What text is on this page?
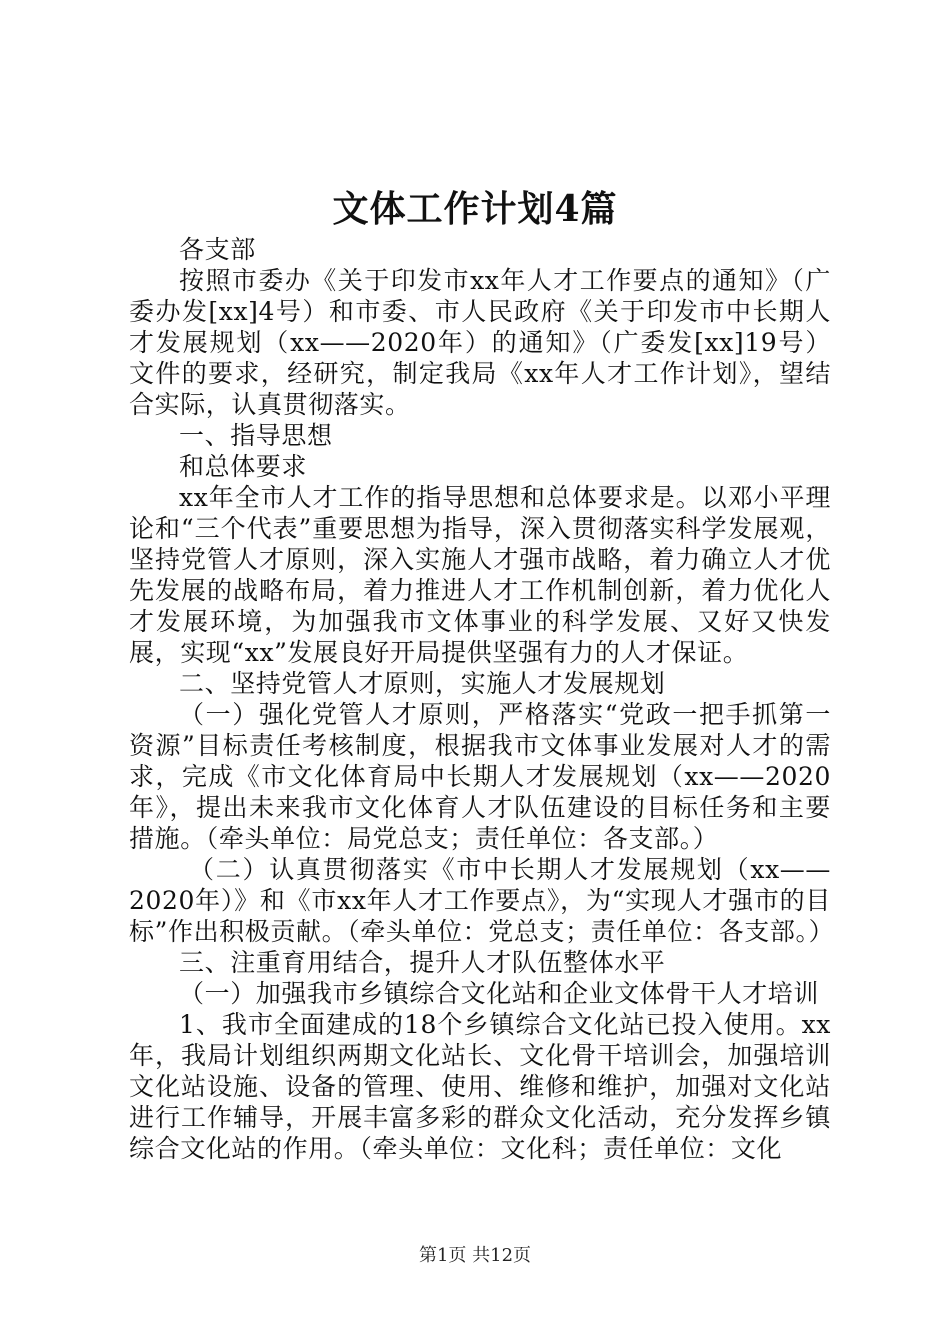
文体工作计划4篇

各支部

按照市委办《关于印发市xx年人才工作要点的通知》（广委办发[xx]4号）和市委、市人民政府《关于印发市中长期人才发展规划（xx——2020年）的通知》（广委发[xx]19号）文件的要求，经研究，制定我局《xx年人才工作计划》，望结合实际，认真贯彻落实。

一、指导思想

和总体要求

xx年全市人才工作的指导思想和总体要求是。以邓小平理论和“三个代表”重要思想为指导，深入贯彻落实科学发展观，坚持党管人才原则，深入实施人才强市战略，着力确立人才优先发展的战略布局，着力推进人才工作机制创新，着力优化人才发展环境，为加强我市文体事业的科学发展、又好又快发展，实现“xx”发展良好开局提供坚强有力的人才保证。

二、坚持党管人才原则，实施人才发展规划

（一）强化党管人才原则，严格落实“党政一把手抓第一资源”目标责任考核制度，根据我市文体事业发展对人才的需求，完成《市文化体育局中长期人才发展规划（xx——2020年》，提出未来我市文化体育人才队伍建设的目标任务和主要措施。（牵头单位：局党总支；责任单位：各支部。）

（二）认真贯彻落实《市中长期人才发展规划（xx——2020年）》和《市xx年人才工作要点》，为“实现人才强市的目标”作出积极贡献。（牵头单位：党总支；责任单位：各支部。）

三、注重育用结合，提升人才队伍整体水平

（一）加强我市乡镇综合文化站和企业文体骨干人才培训

1、我市全面建成的18个乡镇综合文化站已投入使用。xx年，我局计划组织两期文化站长、文化骨干培训会，加强培训文化站设施、设备的管理、使用、维修和维护，加强对文化站进行工作辅导，开展丰富多彩的群众文化活动，充分发挥乡镇综合文化站的作用。（牵头单位：文化科；责任单位：文化

第1页 共12页
